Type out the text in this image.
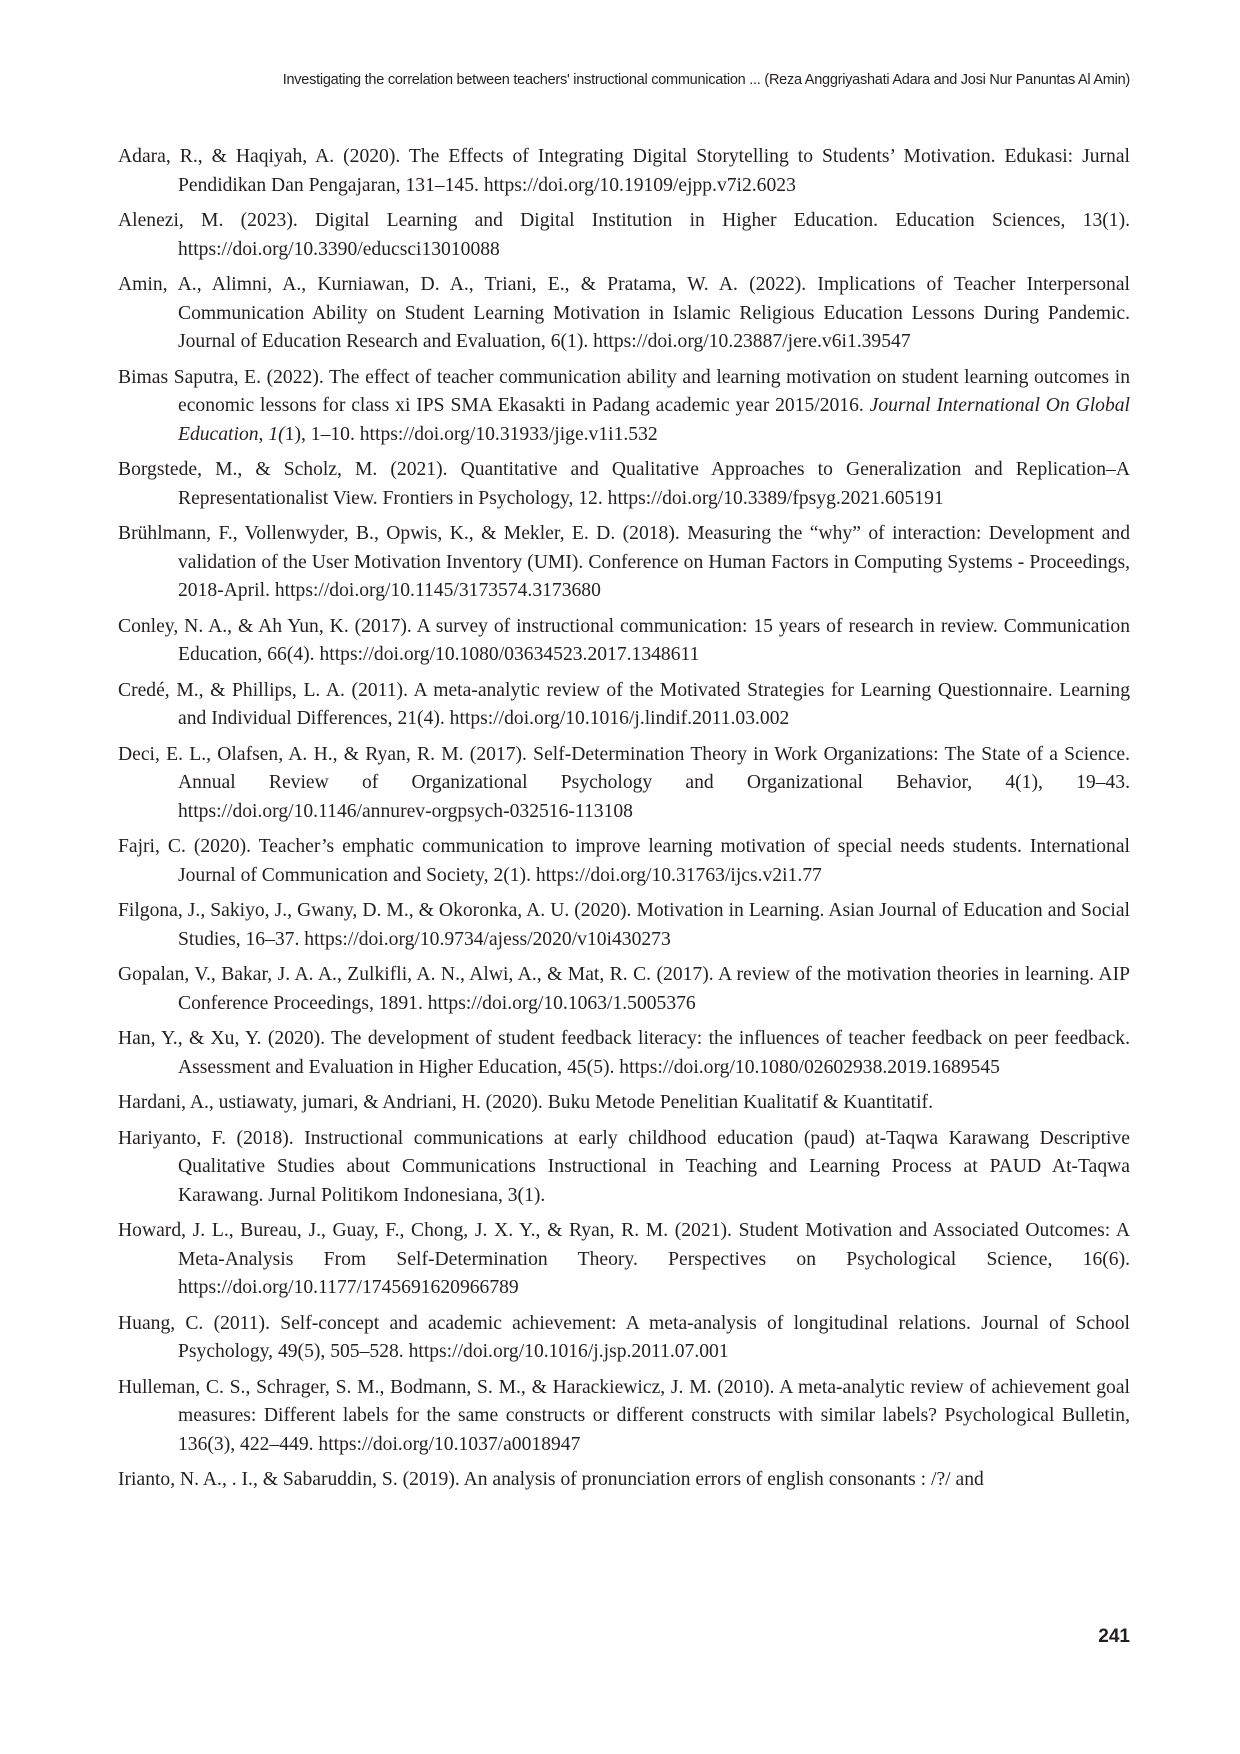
Investigating the correlation between teachers' instructional communication ... (Reza Anggriyashati Adara and Josi Nur Panuntas Al Amin)
Adara, R., & Haqiyah, A. (2020). The Effects of Integrating Digital Storytelling to Students’ Motivation. Edukasi: Jurnal Pendidikan Dan Pengajaran, 131–145. https://doi.org/10.19109/ejpp.v7i2.6023
Alenezi, M. (2023). Digital Learning and Digital Institution in Higher Education. Education Sciences, 13(1). https://doi.org/10.3390/educsci13010088
Amin, A., Alimni, A., Kurniawan, D. A., Triani, E., & Pratama, W. A. (2022). Implications of Teacher Interpersonal Communication Ability on Student Learning Motivation in Islamic Religious Education Lessons During Pandemic. Journal of Education Research and Evaluation, 6(1). https://doi.org/10.23887/jere.v6i1.39547
Bimas Saputra, E. (2022). The effect of teacher communication ability and learning motivation on student learning outcomes in economic lessons for class xi IPS SMA Ekasakti in Padang academic year 2015/2016. Journal International On Global Education, 1(1), 1–10. https://doi.org/10.31933/jige.v1i1.532
Borgstede, M., & Scholz, M. (2021). Quantitative and Qualitative Approaches to Generalization and Replication–A Representationalist View. Frontiers in Psychology, 12. https://doi.org/10.3389/fpsyg.2021.605191
Brühlmann, F., Vollenwyder, B., Opwis, K., & Mekler, E. D. (2018). Measuring the “why” of interaction: Development and validation of the User Motivation Inventory (UMI). Conference on Human Factors in Computing Systems - Proceedings, 2018-April. https://doi.org/10.1145/3173574.3173680
Conley, N. A., & Ah Yun, K. (2017). A survey of instructional communication: 15 years of research in review. Communication Education, 66(4). https://doi.org/10.1080/03634523.2017.1348611
Credé, M., & Phillips, L. A. (2011). A meta-analytic review of the Motivated Strategies for Learning Questionnaire. Learning and Individual Differences, 21(4). https://doi.org/10.1016/j.lindif.2011.03.002
Deci, E. L., Olafsen, A. H., & Ryan, R. M. (2017). Self-Determination Theory in Work Organizations: The State of a Science. Annual Review of Organizational Psychology and Organizational Behavior, 4(1), 19–43. https://doi.org/10.1146/annurev-orgpsych-032516-113108
Fajri, C. (2020). Teacher’s emphatic communication to improve learning motivation of special needs students. International Journal of Communication and Society, 2(1). https://doi.org/10.31763/ijcs.v2i1.77
Filgona, J., Sakiyo, J., Gwany, D. M., & Okoronka, A. U. (2020). Motivation in Learning. Asian Journal of Education and Social Studies, 16–37. https://doi.org/10.9734/ajess/2020/v10i430273
Gopalan, V., Bakar, J. A. A., Zulkifli, A. N., Alwi, A., & Mat, R. C. (2017). A review of the motivation theories in learning. AIP Conference Proceedings, 1891. https://doi.org/10.1063/1.5005376
Han, Y., & Xu, Y. (2020). The development of student feedback literacy: the influences of teacher feedback on peer feedback. Assessment and Evaluation in Higher Education, 45(5). https://doi.org/10.1080/02602938.2019.1689545
Hardani, A., ustiawaty, jumari, & Andriani, H. (2020). Buku Metode Penelitian Kualitatif & Kuantitatif.
Hariyanto, F. (2018). Instructional communications at early childhood education (paud) at-Taqwa Karawang Descriptive Qualitative Studies about Communications Instructional in Teaching and Learning Process at PAUD At-Taqwa Karawang. Jurnal Politikom Indonesiana, 3(1).
Howard, J. L., Bureau, J., Guay, F., Chong, J. X. Y., & Ryan, R. M. (2021). Student Motivation and Associated Outcomes: A Meta-Analysis From Self-Determination Theory. Perspectives on Psychological Science, 16(6). https://doi.org/10.1177/1745691620966789
Huang, C. (2011). Self-concept and academic achievement: A meta-analysis of longitudinal relations. Journal of School Psychology, 49(5), 505–528. https://doi.org/10.1016/j.jsp.2011.07.001
Hulleman, C. S., Schrager, S. M., Bodmann, S. M., & Harackiewicz, J. M. (2010). A meta-analytic review of achievement goal measures: Different labels for the same constructs or different constructs with similar labels? Psychological Bulletin, 136(3), 422–449. https://doi.org/10.1037/a0018947
Irianto, N. A., . I., & Sabaruddin, S. (2019). An analysis of pronunciation errors of english consonants : /?/ and
241
